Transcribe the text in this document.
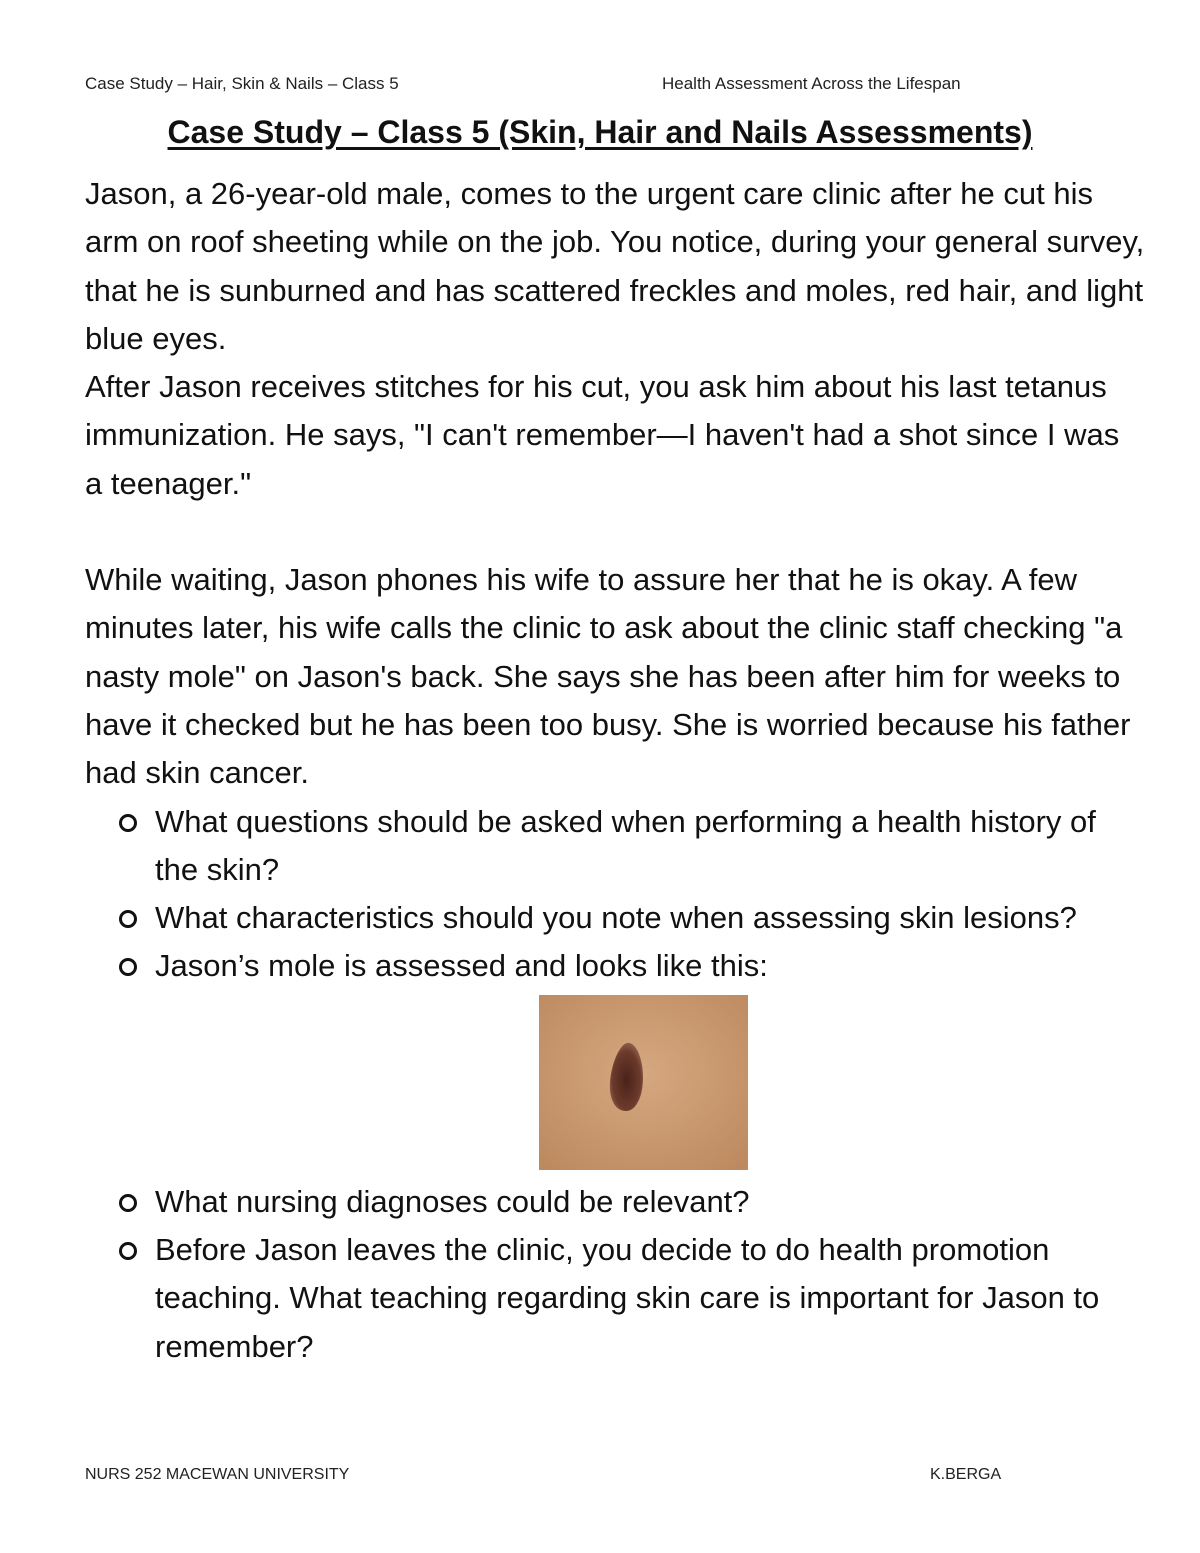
Case Study – Hair, Skin & Nails – Class 5	Health Assessment Across the Lifespan
Case Study – Class 5 (Skin, Hair and Nails Assessments)

Jason, a 26-year-old male, comes to the urgent care clinic after he cut his arm on roof sheeting while on the job. You notice, during your general survey, that he is sunburned and has scattered freckles and moles, red hair, and light blue eyes.

After Jason receives stitches for his cut, you ask him about his last tetanus immunization. He says, "I can't remember—I haven't had a shot since I was a teenager."

While waiting, Jason phones his wife to assure her that he is okay. A few minutes later, his wife calls the clinic to ask about the clinic staff checking "a nasty mole" on Jason's back. She says she has been after him for weeks to have it checked but he has been too busy. She is worried because his father had skin cancer.

What questions should be asked when performing a health history of the skin?
What characteristics should you note when assessing skin lesions?
Jason’s mole is assessed and looks like this:
What nursing diagnoses could be relevant?
Before Jason leaves the clinic, you decide to do health promotion teaching. What teaching regarding skin care is important for Jason to remember?
NURS 252 MACEWAN UNIVERSITY	K.BERGA
